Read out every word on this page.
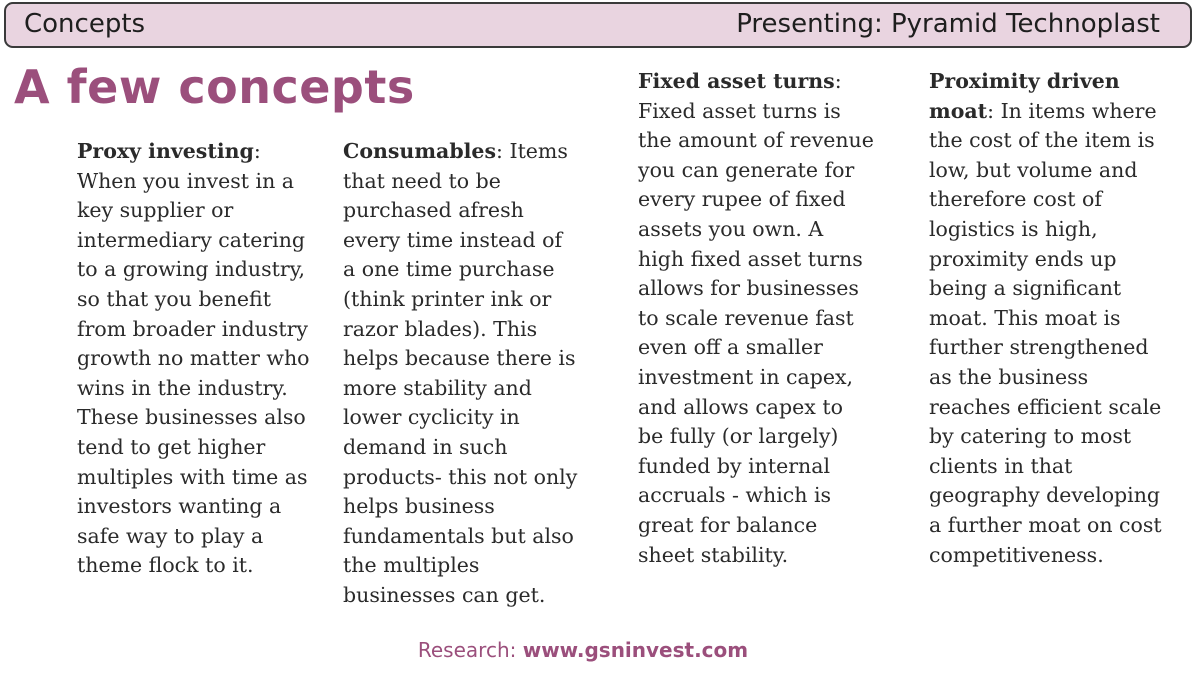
Concepts	Presenting: Pyramid Technoplast
A few concepts

Proxy investing: When you invest in a key supplier or intermediary catering to a growing industry, so that you benefit from broader industry growth no matter who wins in the industry. These businesses also tend to get higher multiples with time as investors wanting a safe way to play a theme flock to it.

Consumables: Items that need to be purchased afresh every time instead of a one time purchase (think printer ink or razor blades). This helps because there is more stability and lower cyclicity in demand in such products- this not only helps business fundamentals but also the multiples businesses can get.

Fixed asset turns: Fixed asset turns is the amount of revenue you can generate for every rupee of fixed assets you own. A high fixed asset turns allows for businesses to scale revenue fast even off a smaller investment in capex, and allows capex to be fully (or largely) funded by internal accruals - which is great for balance sheet stability.

Proximity driven moat: In items where the cost of the item is low, but volume and therefore cost of logistics is high, proximity ends up being a significant moat. This moat is further strengthened as the business reaches efficient scale by catering to most clients in that geography developing a further moat on cost competitiveness.

Research: www.gsninvest.com
